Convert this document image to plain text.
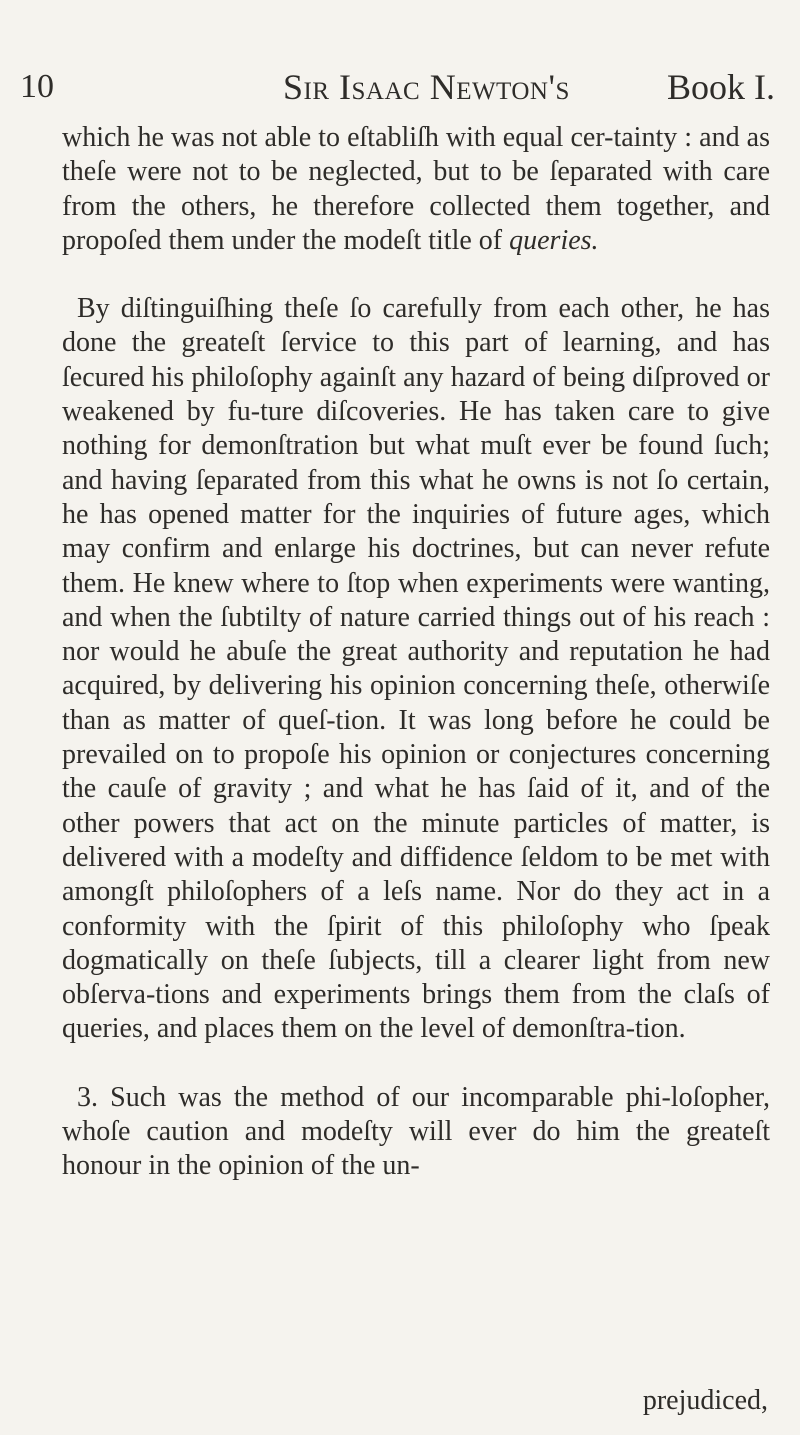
10	Sir Isaac Newton's	Book I.

which he was not able to eſtabliſh with equal cer-tainty : and as theſe were not to be neglected, but to be ſeparated with care from the others, he therefore collected them together, and propoſed them under the modeſt title of queries.

By diſtinguiſhing theſe ſo carefully from each other, he has done the greateſt ſervice to this part of learning, and has ſecured his philoſophy againſt any hazard of being diſproved or weakened by fu-ture diſcoveries. He has taken care to give nothing for demonſtration but what muſt ever be found ſuch; and having ſeparated from this what he owns is not ſo certain, he has opened matter for the inquiries of future ages, which may confirm and enlarge his doctrines, but can never refute them. He knew where to ſtop when experiments were wanting, and when the ſubtilty of nature carried things out of his reach : nor would he abuſe the great authority and reputation he had acquired, by delivering his opinion concerning theſe, otherwiſe than as matter of queſ-tion. It was long before he could be prevailed on to propoſe his opinion or conjectures concerning the cauſe of gravity ; and what he has ſaid of it, and of the other powers that act on the minute particles of matter, is delivered with a modeſty and diffidence ſeldom to be met with amongſt philoſophers of a leſs name. Nor do they act in a conformity with the ſpirit of this philoſophy who ſpeak dogmatically on theſe ſubjects, till a clearer light from new obſerva-tions and experiments brings them from the claſs of queries, and places them on the level of demonſtra-tion.

3. Such was the method of our incomparable phi-loſopher, whoſe caution and modeſty will ever do him the greateſt honour in the opinion of the un-

prejudiced,
